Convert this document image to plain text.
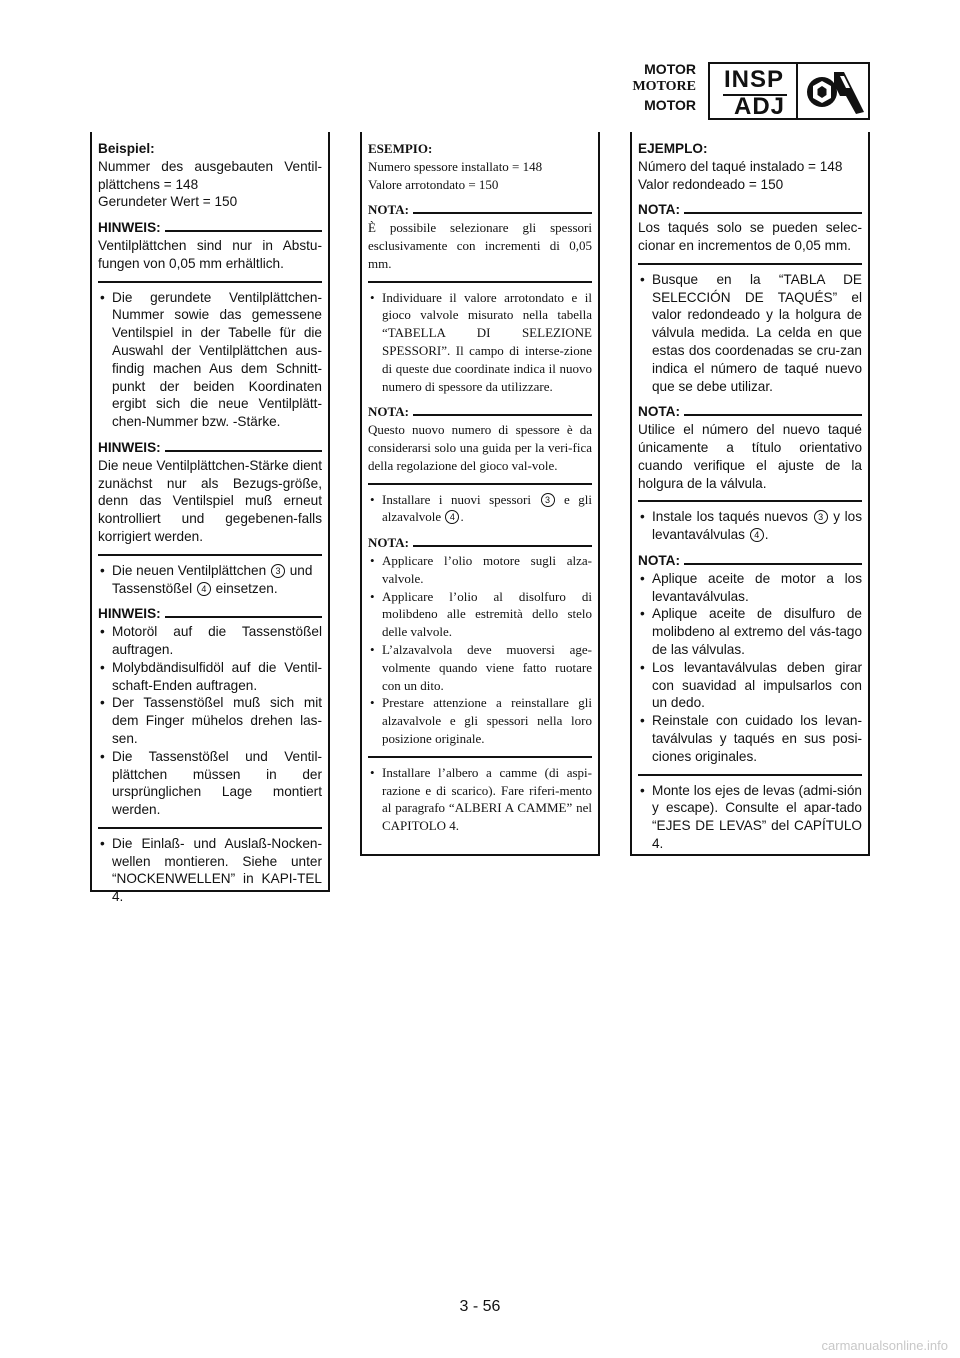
MOTOR
MOTORE
MOTOR
INSP
ADJ
Beispiel:
Nummer des ausgebauten Ventil-plättchens = 148
Gerundeter Wert = 150
HINWEIS:
Ventilplättchen sind nur in Abstu-fungen von 0,05 mm erhältlich.
• Die gerundete Ventilplättchen-Nummer sowie das gemessene Ventilspiel in der Tabelle für die Auswahl der Ventilplättchen aus-findig machen Aus dem Schnitt-punkt der beiden Koordinaten ergibt sich die neue Ventilplätt-chen-Nummer bzw. -Stärke.
HINWEIS:
Die neue Ventilplättchen-Stärke dient zunächst nur als Bezugs-größe, denn das Ventilspiel muß erneut kontrolliert und gegebenen-falls korrigiert werden.
• Die neuen Ventilplättchen 3 und Tassenstößel 4 einsetzen.
HINWEIS:
• Motoröl auf die Tassenstößel auftragen.
• Molybdändisulfidöl auf die Ventil-schaft-Enden auftragen.
• Der Tassenstößel muß sich mit dem Finger mühelos drehen las-sen.
• Die Tassenstößel und Ventil-plättchen müssen in der ursprünglichen Lage montiert werden.
• Die Einlaß- und Auslaß-Nocken-wellen montieren. Siehe unter “NOCKENWELLEN” in KAPI-TEL 4.
ESEMPIO:
Numero spessore installato = 148
Valore arrotondato = 150
NOTA:
È possibile selezionare gli spessori esclusivamente con incrementi di 0,05 mm.
• Individuare il valore arrotondato e il gioco valvole misurato nella tabella “TABELLA DI SELEZIONE SPESSORI”. Il campo di interse-zione di queste due coordinate indica il nuovo numero di spessore da utilizzare.
NOTA:
Questo nuovo numero di spessore è da considerarsi solo una guida per la veri-fica della regolazione del gioco val-vole.
• Installare i nuovi spessori 3 e gli alzavalvole 4 .
NOTA:
• Applicare l’olio motore sugli alza-valvole.
• Applicare l’olio al disolfuro di molibdeno alle estremità dello stelo delle valvole.
• L’alzavalvola deve muoversi age-volmente quando viene fatto ruotare con un dito.
• Prestare attenzione a reinstallare gli alzavalvole e gli spessori nella loro posizione originale.
• Installare l’albero a camme (di aspi-razione e di scarico). Fare riferi-mento al paragrafo “ALBERI A CAMME” nel CAPITOLO 4.
EJEMPLO:
Número del taqué instalado = 148
Valor redondeado = 150
NOTA:
Los taqués solo se pueden selec-cionar en incrementos de 0,05 mm.
• Busque en la “TABLA DE SELECCIÓN DE TAQUÉS” el valor redondeado y la holgura de válvula medida. La celda en que estas dos coordenadas se cru-zan indica el número de taqué nuevo que se debe utilizar.
NOTA:
Utilice el número del nuevo taqué únicamente a título orientativo cuando verifique el ajuste de la holgura de la válvula.
• Instale los taqués nuevos 3 y los levantaválvulas 4 .
NOTA:
• Aplique aceite de motor a los levantaválvulas.
• Aplique aceite de disulfuro de molibdeno al extremo del vás-tago de las válvulas.
• Los levantaválvulas deben girar con suavidad al impulsarlos con un dedo.
• Reinstale con cuidado los levan-taválvulas y taqués en sus posi-ciones originales.
• Monte los ejes de levas (admi-sión y escape). Consulte el apar-tado “EJES DE LEVAS” del CAPÍTULO 4.
3 - 56
carmanualsonline.info
